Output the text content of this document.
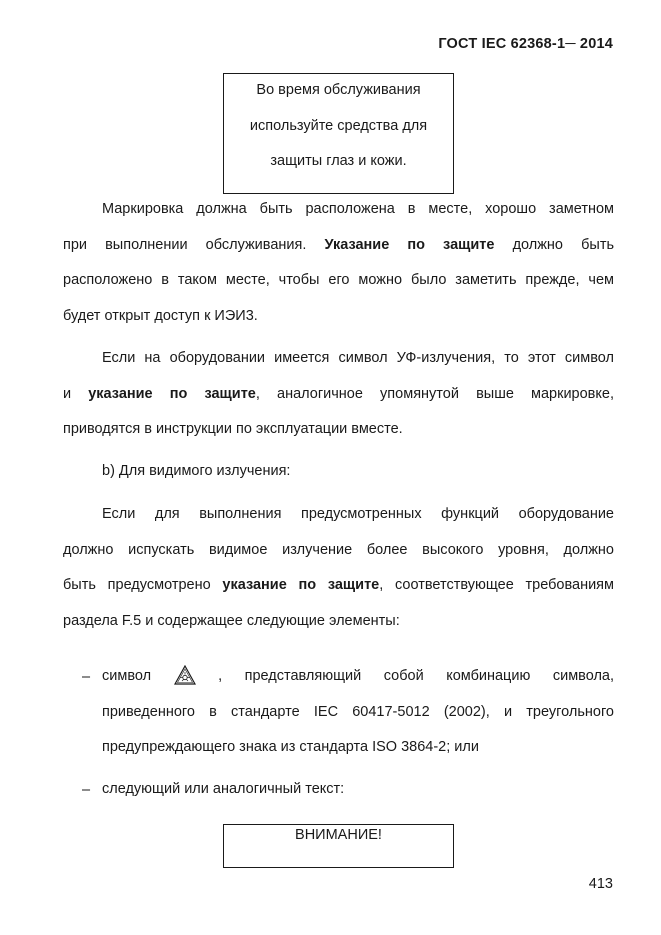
ГОСТ IEC 62368-1─ 2014
Во время обслуживания
используйте средства для
защиты глаз и кожи.
Маркировка должна быть расположена в месте, хорошо заметном
при выполнении обслуживания. Указание по защите должно быть
расположено в таком месте, чтобы его можно было заметить прежде, чем
будет открыт доступ к ИЭИ3.
Если на оборудовании имеется символ УФ-излучения, то этот символ
и указание по защите, аналогичное упомянутой выше маркировке,
приводятся в инструкции по эксплуатации вместе.
b) Для видимого излучения:
Если для выполнения предусмотренных функций оборудование
должно испускать видимое излучение более высокого уровня, должно
быть предусмотрено указание по защите, соответствующее требованиям
раздела F.5 и содержащее следующие элементы:
– символ	, представляющий собой комбинацию символа,
приведенного в стандарте IEC 60417-5012 (2002), и треугольного
предупреждающего знака из стандарта ISO 3864-2; или
– следующий или аналогичный текст:
ВНИМАНИЕ!
413
